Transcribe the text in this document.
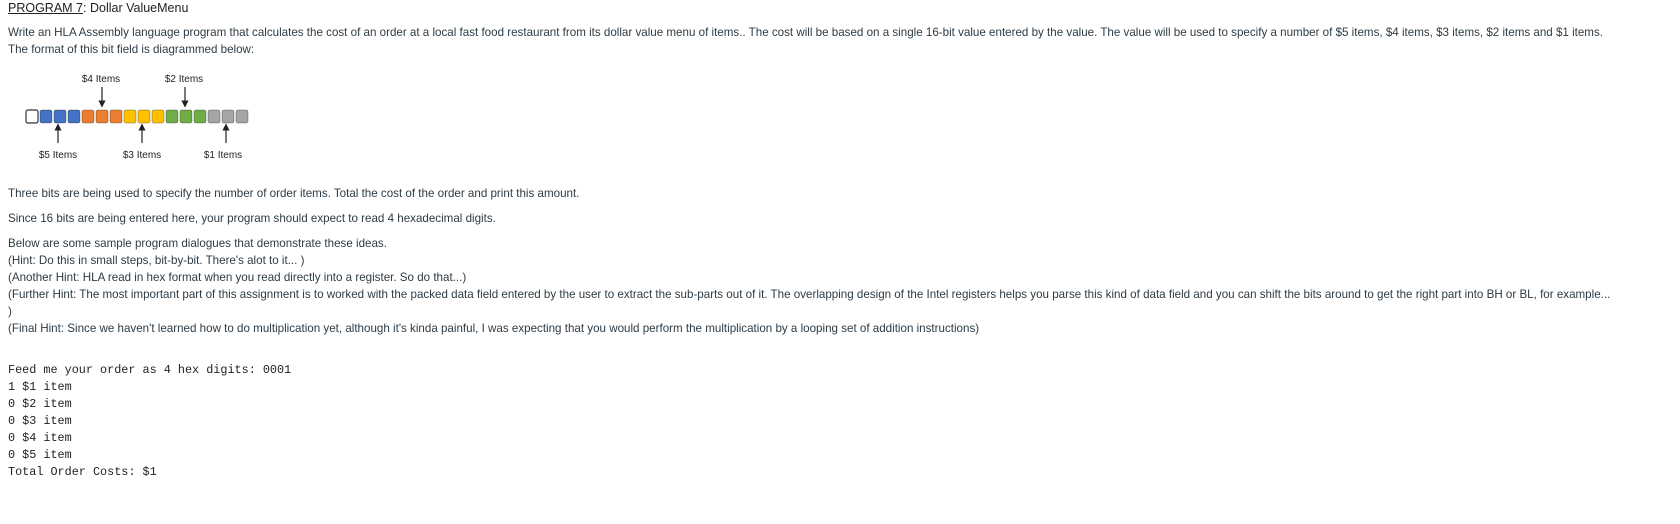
PROGRAM 7: Dollar ValueMenu
Write an HLA Assembly language program that calculates the cost of an order at a local fast food restaurant from its dollar value menu of items.. The cost will be based on a single 16-bit value entered by the value. The value will be used to specify a number of $5 items, $4 items, $3 items, $2 items and $1 items.
The format of this bit field is diagrammed below:
$4 Items	$2 Items
$5 Items	$3 Items	$1 Items
Three bits are being used to specify the number of order items. Total the cost of the order and print this amount.
Since 16 bits are being entered here, your program should expect to read 4 hexadecimal digits.
Below are some sample program dialogues that demonstrate these ideas.
(Hint: Do this in small steps, bit-by-bit. There's alot to it... )
(Another Hint: HLA read in hex format when you read directly into a register. So do that...)
(Further Hint: The most important part of this assignment is to worked with the packed data field entered by the user to extract the sub-parts out of it. The overlapping design of the Intel registers helps you parse this kind of data field and you can shift the bits around to get the right part into BH or BL, for example...
)
(Final Hint: Since we haven't learned how to do multiplication yet, although it's kinda painful, I was expecting that you would perform the multiplication by a looping set of addition instructions)
Feed me your order as 4 hex digits: 0001
1 $1 item
0 $2 item
0 $3 item
0 $4 item
0 $5 item
Total Order Costs: $1
